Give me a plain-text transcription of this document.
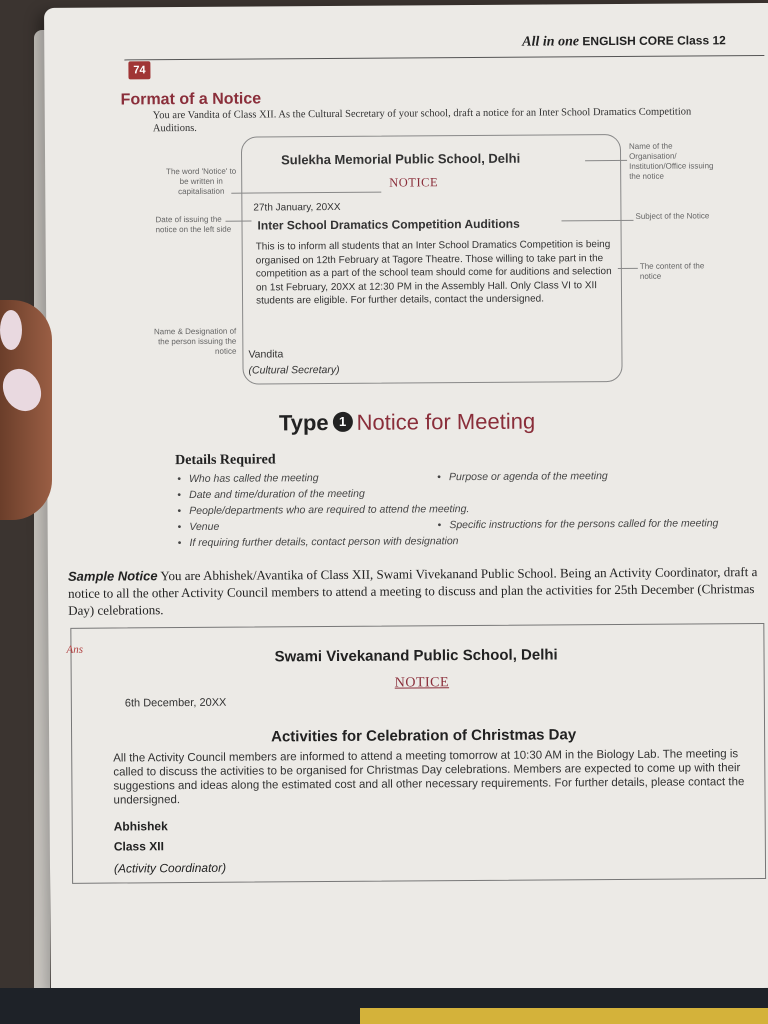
All in one ENGLISH CORE Class 12
74
Format of a Notice
You are Vandita of Class XII. As the Cultural Secretary of your school, draft a notice for an Inter School Dramatics Competition Auditions.
Sulekha Memorial Public School, Delhi
NOTICE
27th January, 20XX
Inter School Dramatics Competition Auditions
This is to inform all students that an Inter School Dramatics Competition is being organised on 12th February at Tagore Theatre. Those willing to take part in the competition as a part of the school team should come for auditions and selection on 1st February, 20XX at 12:30 PM in the Assembly Hall. Only Class VI to XII students are eligible. For further details, contact the undersigned.
Vandita
(Cultural Secretary)
The word 'Notice' to be written in capitalisation
Date of issuing the notice on the left side
Name & Designation of the person issuing the notice
Name of the Organisation/ Institution/Office issuing the notice
Subject of the Notice
The content of the notice
Type 1 Notice for Meeting
Details Required
• Who has called the meeting
• Date and time/duration of the meeting
• People/departments who are required to attend the meeting.
• Venue
• If requiring further details, contact person with designation
• Purpose or agenda of the meeting
• Specific instructions for the persons called for the meeting
Sample Notice You are Abhishek/Avantika of Class XII, Swami Vivekanand Public School. Being an Activity Coordinator, draft a notice to all the other Activity Council members to attend a meeting to discuss and plan the activities for 25th December (Christmas Day) celebrations.
Ans	Swami Vivekanand Public School, Delhi
NOTICE
6th December, 20XX
Activities for Celebration of Christmas Day
All the Activity Council members are informed to attend a meeting tomorrow at 10:30 AM in the Biology Lab. The meeting is called to discuss the activities to be organised for Christmas Day celebrations. Members are expected to come up with their suggestions and ideas along the estimated cost and all other necessary requirements. For further details, please contact the undersigned.
Abhishek
Class XII
(Activity Coordinator)
